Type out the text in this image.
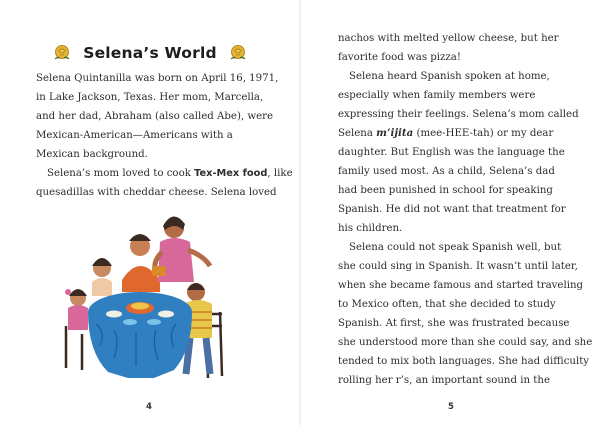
Selena’s World
Selena Quintanilla was born on April 16, 1971,
in Lake Jackson, Texas. Her mom, Marcella,
and her dad, Abraham (also called Abe), were
Mexican-American—Americans with a
Mexican background.
Selena’s mom loved to cook Tex-Mex food, like
quesadillas with cheddar cheese. Selena loved
4
nachos with melted yellow cheese, but her
favorite food was pizza!
Selena heard Spanish spoken at home,
especially when family members were
expressing their feelings. Selena’s mom called
Selena m’ijita (mee-HEE-tah) or my dear
daughter. But English was the language the
family used most. As a child, Selena’s dad
had been punished in school for speaking
Spanish. He did not want that treatment for
his children.
Selena could not speak Spanish well, but
she could sing in Spanish. It wasn’t until later,
when she became famous and started traveling
to Mexico often, that she decided to study
Spanish. At first, she was frustrated because
she understood more than she could say, and she
tended to mix both languages. She had difficulty
rolling her r’s, an important sound in the
5
